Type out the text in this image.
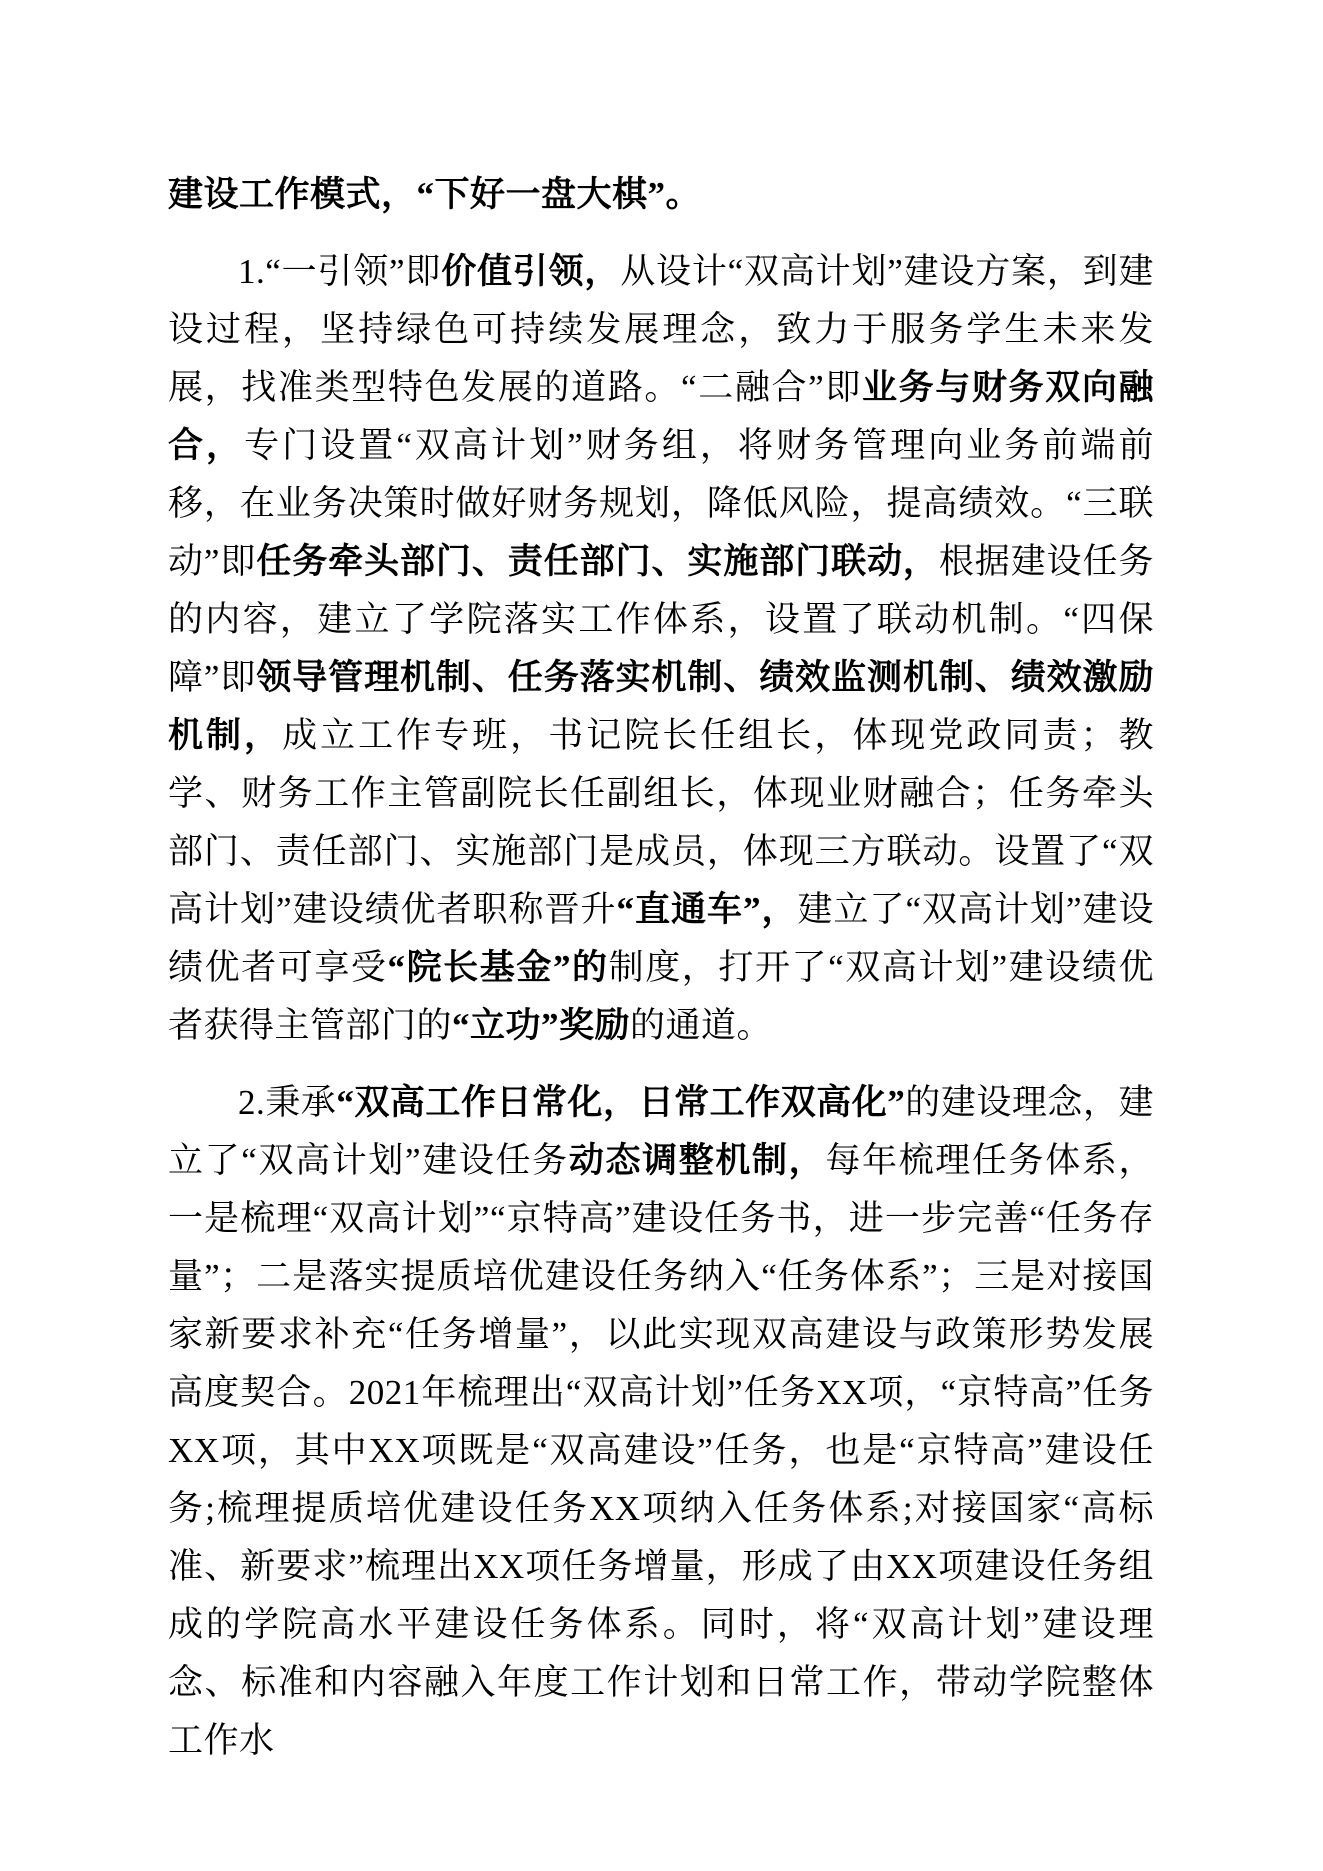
建设工作模式，“下好一盘大棋”。

1.“一引领”即价值引领，从设计“双高计划”建设方案，到建设过程，坚持绿色可持续发展理念，致力于服务学生未来发展，找准类型特色发展的道路。“二融合”即业务与财务双向融合，专门设置“双高计划”财务组，将财务管理向业务前端前移，在业务决策时做好财务规划，降低风险，提高绩效。“三联动”即任务牵头部门、责任部门、实施部门联动，根据建设任务的内容，建立了学院落实工作体系，设置了联动机制。“四保障”即领导管理机制、任务落实机制、绩效监测机制、绩效激励机制，成立工作专班，书记院长任组长，体现党政同责；教学、财务工作主管副院长任副组长，体现业财融合；任务牵头部门、责任部门、实施部门是成员，体现三方联动。设置了“双高计划”建设绩优者职称晋升“直通车”，建立了“双高计划”建设绩优者可享受“院长基金”的制度，打开了“双高计划”建设绩优者获得主管部门的“立功”奖励的通道。

2.秉承“双高工作日常化，日常工作双高化”的建设理念，建立了“双高计划”建设任务动态调整机制，每年梳理任务体系，一是梳理“双高计划”“京特高”建设任务书，进一步完善“任务存量”；二是落实提质培优建设任务纳入“任务体系”；三是对接国家新要求补充“任务增量”，以此实现双高建设与政策形势发展高度契合。2021年梳理出“双高计划”任务XX项，“京特高”任务XX项，其中XX项既是“双高建设”任务，也是“京特高”建设任务;梳理提质培优建设任务XX项纳入任务体系;对接国家“高标准、新要求”梳理出XX项任务增量，形成了由XX项建设任务组成的学院高水平建设任务体系。同时，将“双高计划”建设理念、标准和内容融入年度工作计划和日常工作，带动学院整体工作水
